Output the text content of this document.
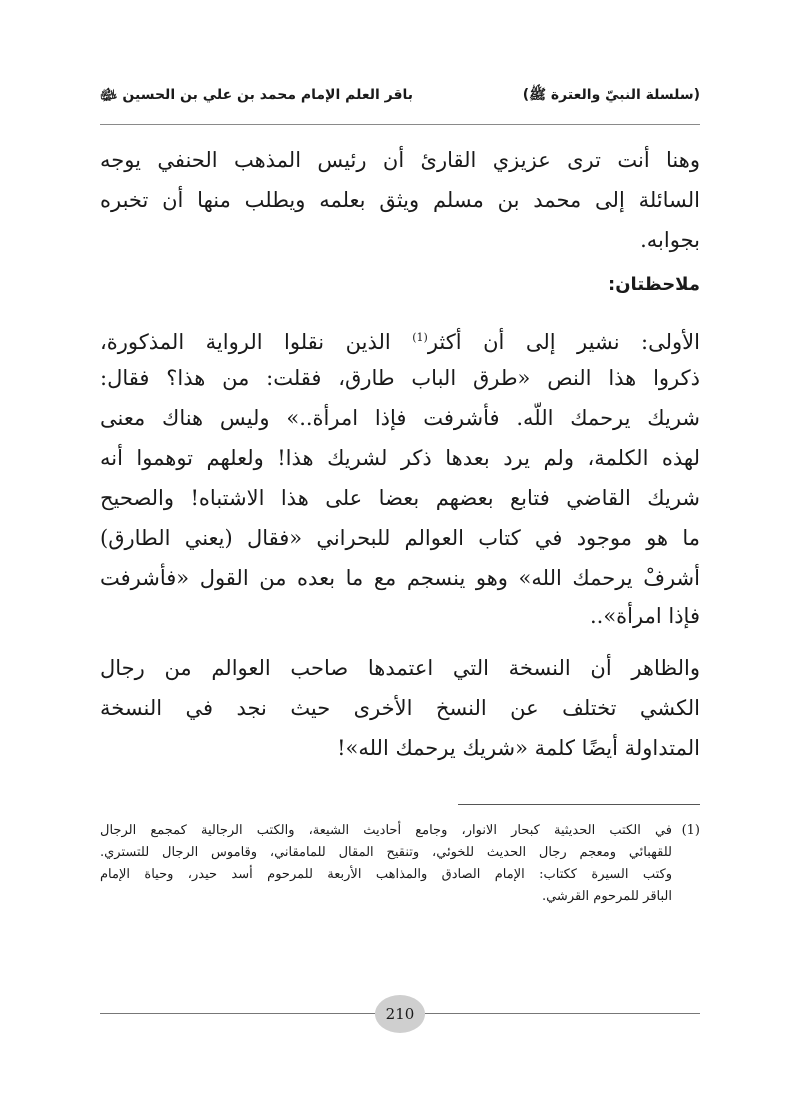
(سلسلة النبيّ والعترة ﷺ)
باقر العلم الإمام محمد بن علي بن الحسين ﵉
وهنا أنت ترى عزيزي القارئ أن رئيس المذهب الحنفي يوجه
السائلة إلى محمد بن مسلم ويثق بعلمه ويطلب منها أن تخبره
بجوابه.
ملاحظتان:
الأولى: نشير إلى أن أكثر$^{(1)}$ الذين نقلوا الرواية المذكورة،
ذكروا هذا النص «طرق الباب طارق، فقلت: من هذا؟ فقال:
شريك يرحمك اللّه. فأشرفت فإذا امرأة..» وليس هناك معنى
لهذه الكلمة، ولم يرد بعدها ذكر لشريك هذا! ولعلهم توهموا أنه
شريك القاضي فتابع بعضهم بعضا على هذا الاشتباه! والصحيح
ما هو موجود في كتاب العوالم للبحراني «فقال (يعني الطارق)
أشرفْ يرحمك الله» وهو ينسجم مع ما بعده من القول «فأشرفت
فإذا امرأة»..
والظاهر أن النسخة التي اعتمدها صاحب العوالم من رجال
الكشي تختلف عن النسخ الأخرى حيث نجد في النسخة
المتداولة أيضًا كلمة «شريك يرحمك الله»!
(1)
في الكتب الحديثية كبحار الانوار، وجامع أحاديث الشيعة، والكتب الرجالية كمجمع الرجال
للقهبائي ومعجم رجال الحديث للخوئي، وتنقيح المقال للمامقاني، وقاموس الرجال للتستري.
وكتب السيرة ككتاب: الإمام الصادق والمذاهب الأربعة للمرحوم أسد حيدر، وحياة الإمام
الباقر للمرحوم القرشي.
210
